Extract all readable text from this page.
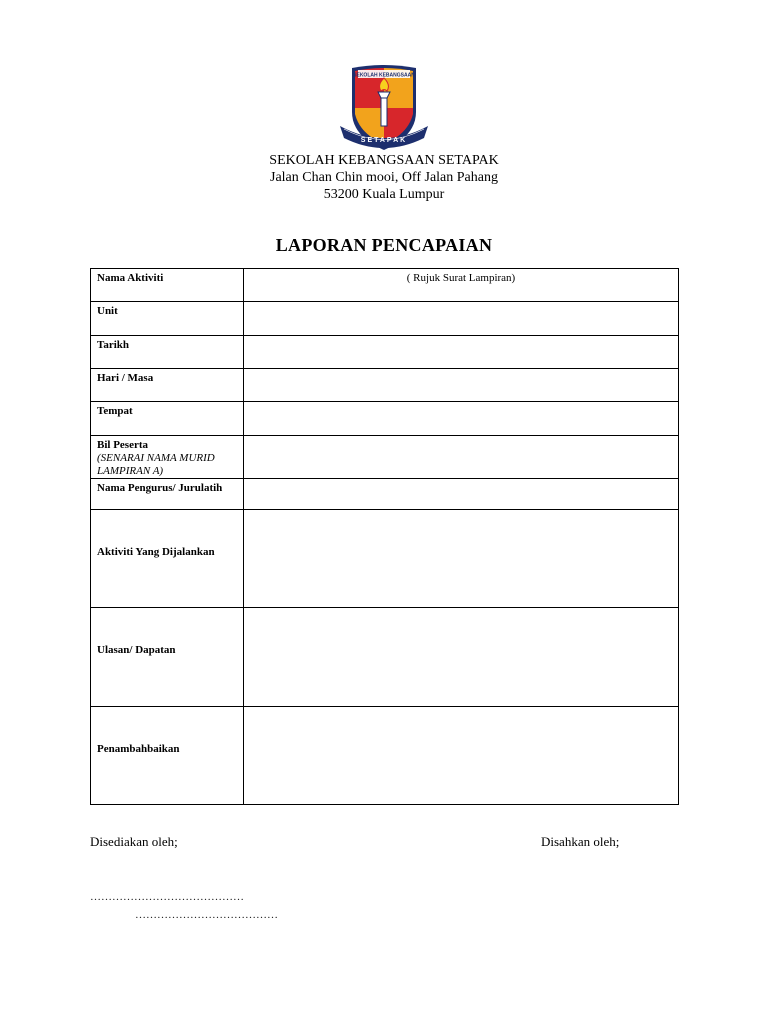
SEKOLAH KEBANGSAAN
SETAPAK
SEKOLAH KEBANGSAAN SETAPAK
Jalan Chan Chin mooi, Off Jalan Pahang
53200 Kuala Lumpur
LAPORAN PENCAPAIAN
Nama Aktiviti	( Rujuk Surat Lampiran)
Unit	
Tarikh	
Hari / Masa	
Tempat	
Bil Peserta
(SENARAI NAMA MURID LAMPIRAN A)	

Nama Pengurus/ Jurulatih	
Aktiviti Yang Dijalankan	
Ulasan/ Dapatan	
Penambahbaikan	
Disediakan oleh;	Disahkan oleh;
……………………………………
…………………………………
